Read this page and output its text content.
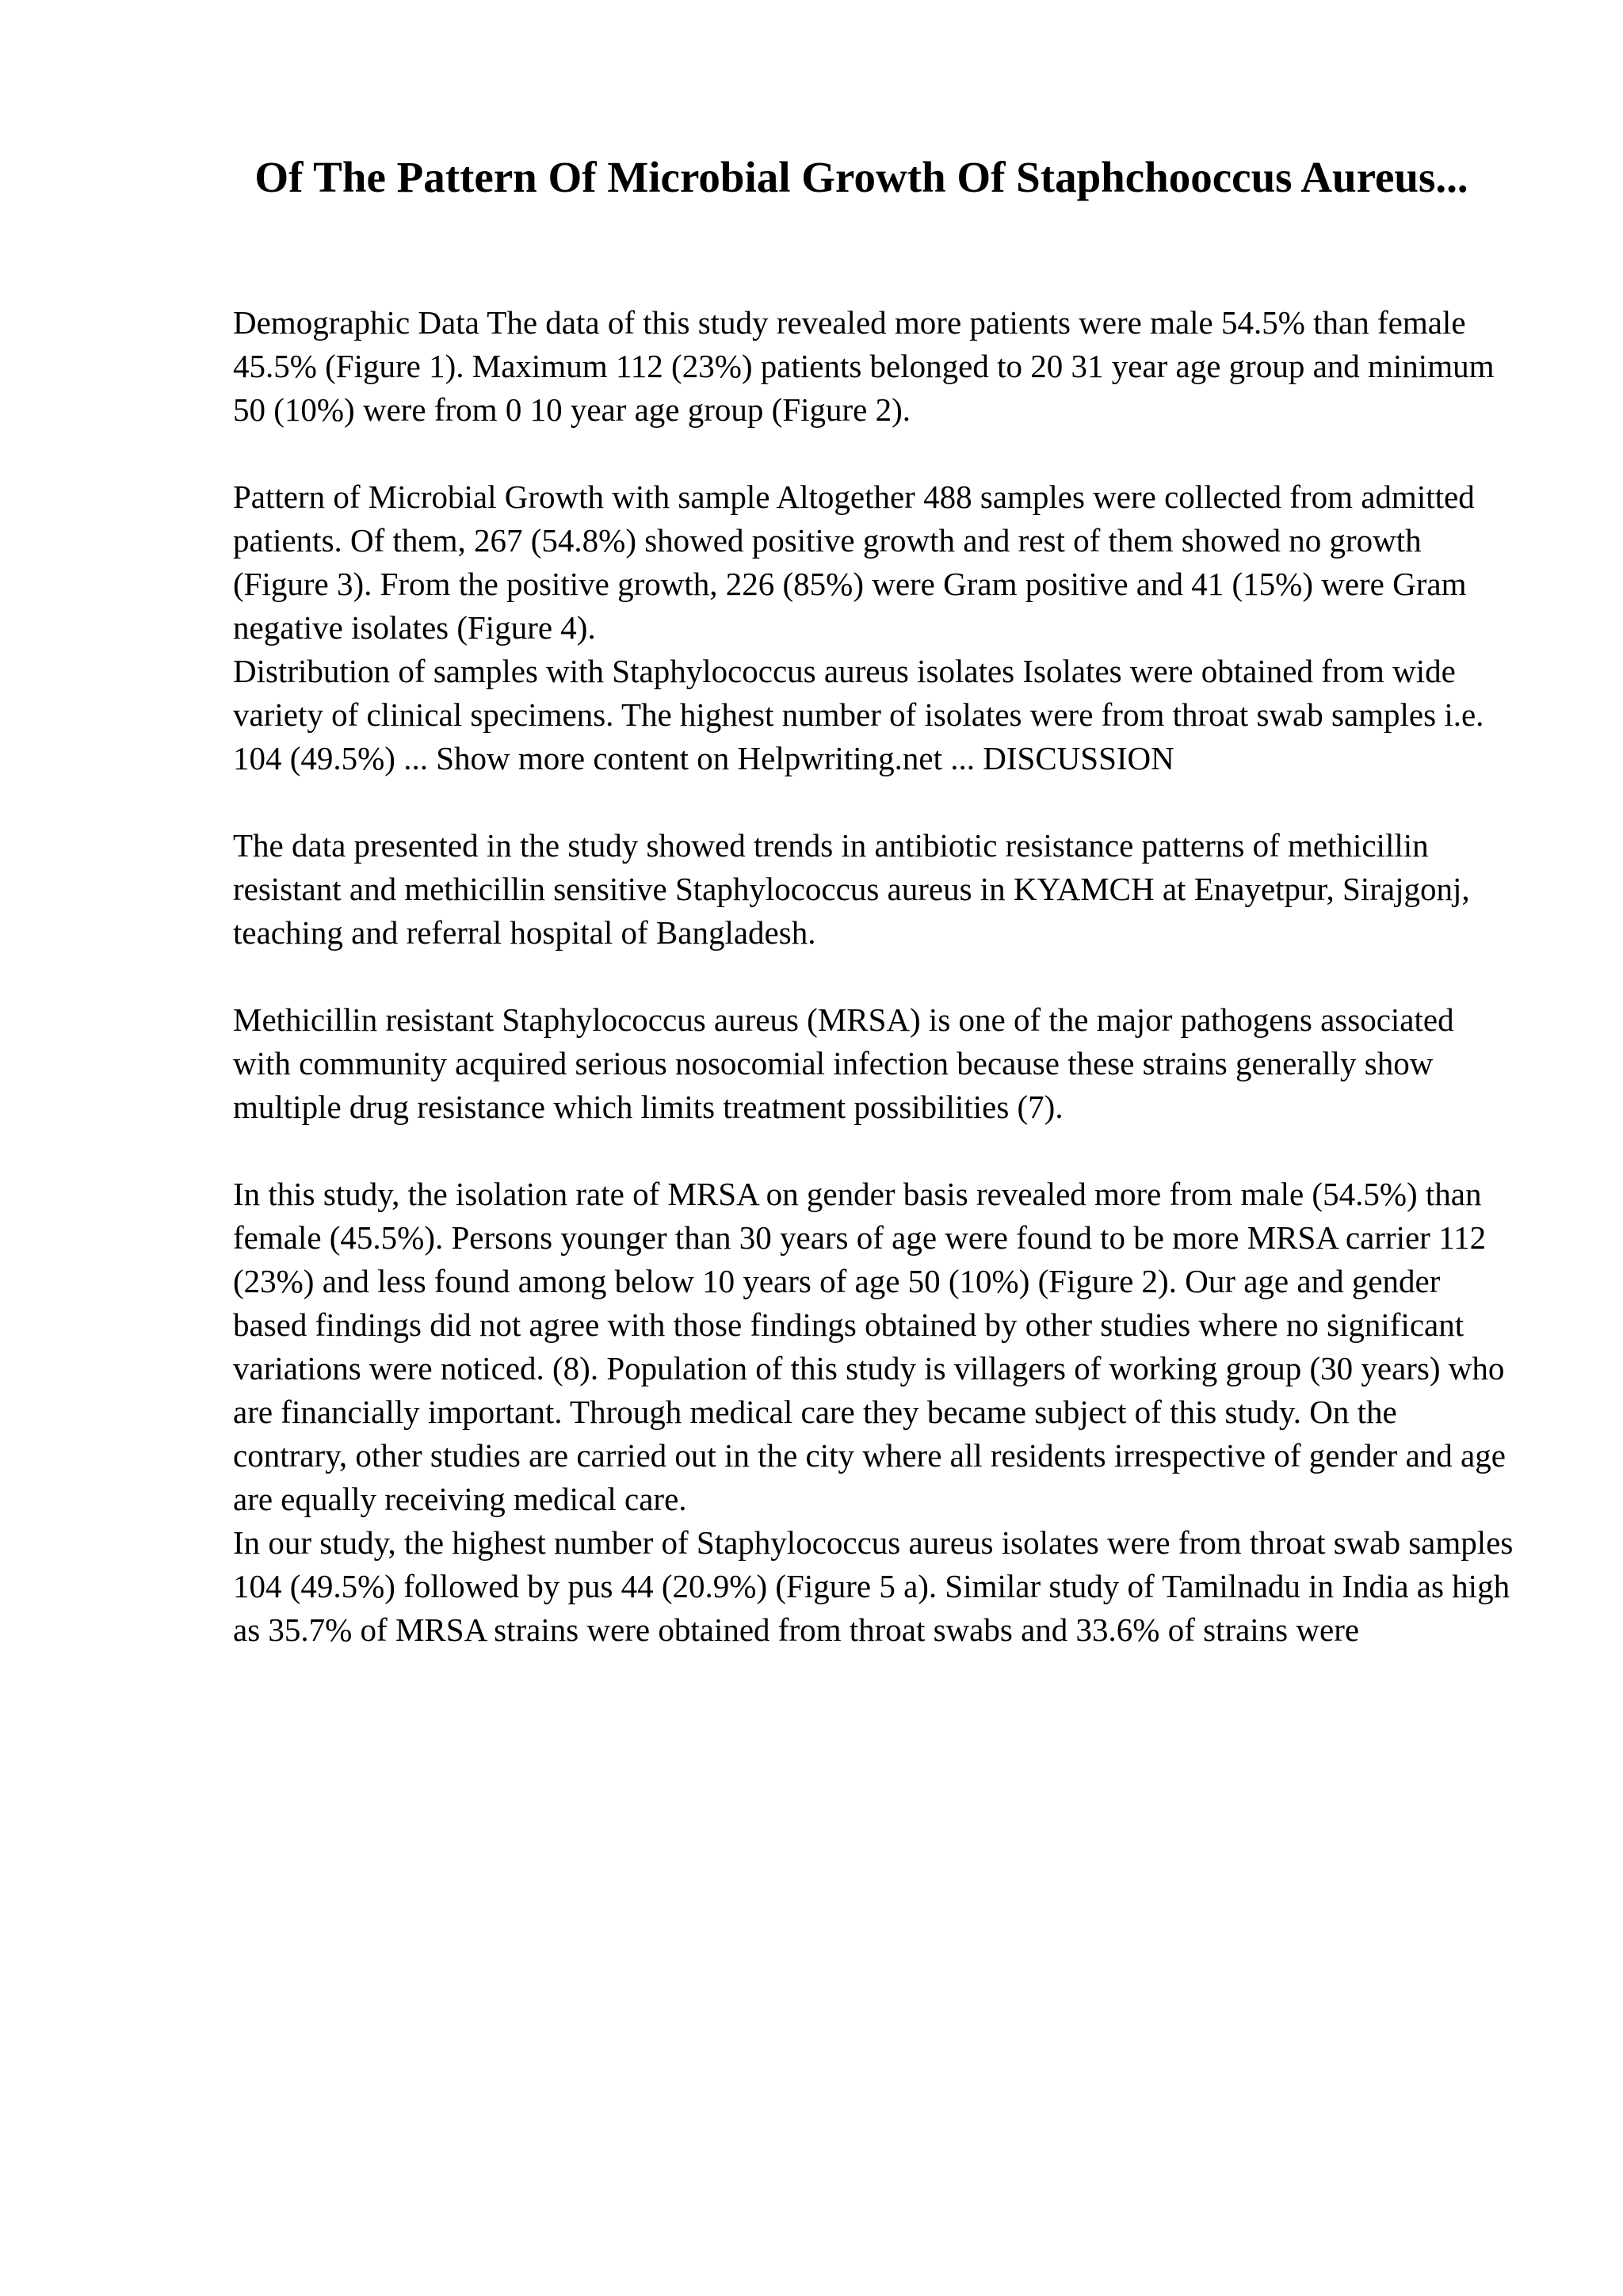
Of The Pattern Of Microbial Growth Of Staphchooccus Aureus...

Demographic Data The data of this study revealed more patients were male 54.5% than female 45.5% (Figure 1). Maximum 112 (23%) patients belonged to 20 31 year age group and minimum 50 (10%) were from 0 10 year age group (Figure 2).

Pattern of Microbial Growth with sample Altogether 488 samples were collected from admitted patients. Of them, 267 (54.8%) showed positive growth and rest of them showed no growth (Figure 3). From the positive growth, 226 (85%) were Gram positive and 41 (15%) were Gram negative isolates (Figure 4).

Distribution of samples with Staphylococcus aureus isolates Isolates were obtained from wide variety of clinical specimens. The highest number of isolates were from throat swab samples i.e. 104 (49.5%) ... Show more content on Helpwriting.net ... DISCUSSION

The data presented in the study showed trends in antibiotic resistance patterns of methicillin resistant and methicillin sensitive Staphylococcus aureus in KYAMCH at Enayetpur, Sirajgonj, teaching and referral hospital of Bangladesh.

Methicillin resistant Staphylococcus aureus (MRSA) is one of the major pathogens associated with community acquired serious nosocomial infection because these strains generally show multiple drug resistance which limits treatment possibilities (7).

In this study, the isolation rate of MRSA on gender basis revealed more from male (54.5%) than female (45.5%). Persons younger than 30 years of age were found to be more MRSA carrier 112 (23%) and less found among below 10 years of age 50 (10%) (Figure 2). Our age and gender based findings did not agree with those findings obtained by other studies where no significant variations were noticed. (8). Population of this study is villagers of working group (30 years) who are financially important. Through medical care they became subject of this study. On the contrary, other studies are carried out in the city where all residents irrespective of gender and age are equally receiving medical care.

In our study, the highest number of Staphylococcus aureus isolates were from throat swab samples 104 (49.5%) followed by pus 44 (20.9%) (Figure 5 a). Similar study of Tamilnadu in India as high as 35.7% of MRSA strains were obtained from throat swabs and 33.6% of strains were
